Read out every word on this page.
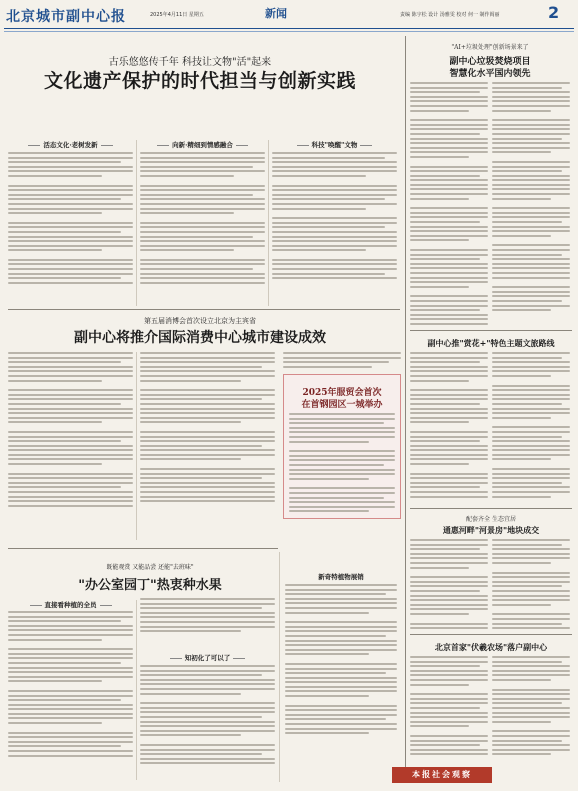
北京城市副中心报	2025年4月11日 星期五	新闻	责编 陈宇松 设计 汤雅雯 校对 何一 制作阎丽	2
古乐悠悠传千年 科技让文物"活"起来
文化遗产保护的时代担当与创新实践
活态文化·老树发新	向新·精细到情感融合	科技"唤醒"文物
第五届消博会首次设立北京为主宾省
副中心将推介国际消费中心城市建设成效
2025年服贸会首次
在首钢园区一城举办
既能观赏 又能品尝 还能"去班味"
"办公室园丁"热衷种水果
直接看种植的全员
知初化了可以了
新奇特植物展销
"AI+垃圾处理"创新场景来了
副中心垃圾焚烧项目
智慧化水平国内领先
副中心推"赏花+"特色主题文旅路线
配套齐全 生态宜居
通惠河畔"河景房"地块成交
北京首家"伏羲农场"落户副中心
本报社会观察
